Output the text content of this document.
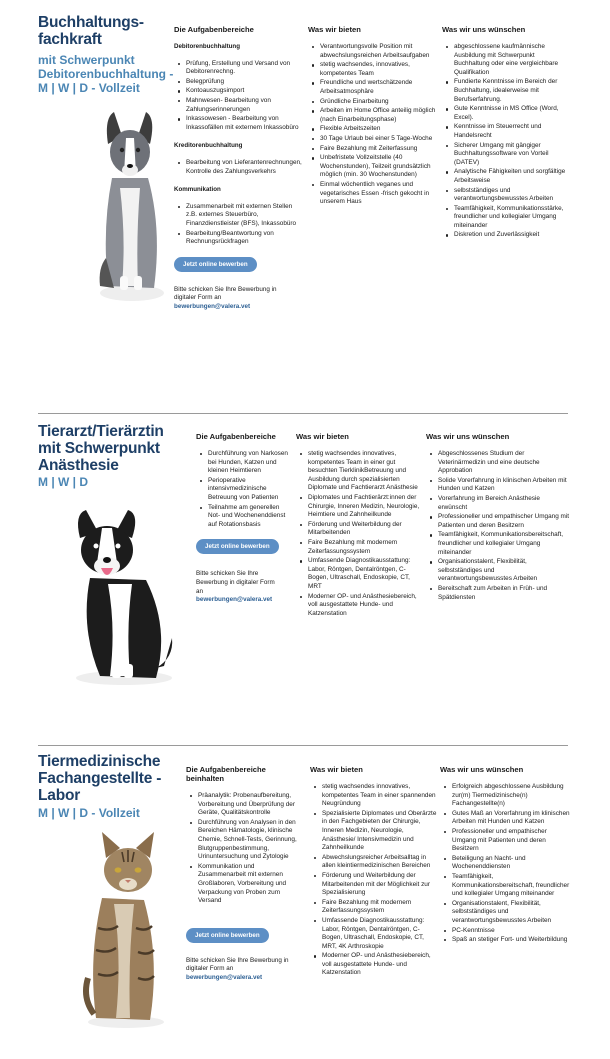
Buchhaltungs-
fachkraft
mit Schwerpunkt
Debitorenbuchhaltung -
M | W | D - Vollzeit
Die Aufgabenbereiche
Debitorenbuchhaltung
Prüfung, Erstellung und Versand von Debitorenrechng.
Belegprüfung
Kontoauszugsimport
Mahnwesen- Bearbeitung von Zahlungserinnerungen
Inkassowesen - Bearbeitung von Inkassofällen mit externem Inkassobüro
Kreditorenbuchhaltung
Bearbeitung von Lieferantenrechnungen, Kontrolle des Zahlungsverkehrs
Kommunikation
Zusammenarbeit mit externen Stellen z.B. externes Steuerbüro, Finanzdienstleister (BFS), Inkassobüro
Bearbeitung/Beantwortung von Rechnungsrückfragen
Jetzt online bewerben
Bitte schicken Sie Ihre Bewerbung in digitaler Form an
bewerbungen@valera.vet
Was wir bieten
Verantwortungsvolle Position mit abwechslungsreichen Arbeitsaufgaben
stetig wachsendes, innovatives, kompetentes Team
Freundliche und wertschätzende Arbeitsatmosphäre
Gründliche Einarbeitung
Arbeiten im Home Office anteilig möglich (nach Einarbeitungsphase)
Flexible Arbeitszeiten
30 Tage Urlaub bei einer 5 Tage-Woche
Faire Bezahlung mit Zeiterfassung
Unbefristete Vollzeitstelle (40 Wochenstunden), Teilzeit grundsätzlich möglich (min. 30 Wochenstunden)
Einmal wöchentlich veganes und vegetarisches Essen -frisch gekocht in unserem Haus
Was wir uns wünschen
abgeschlossene kaufmännische Ausbildung mit Schwerpunkt Buchhaltung oder eine vergleichbare Qualifikation
Fundierte Kenntnisse im Bereich der Buchhaltung, idealerweise mit Berufserfahrung.
Gute Kenntnisse in MS Office (Word, Excel).
Kenntnisse im Steuerrecht und Handelsrecht
Sicherer Umgang mit gängiger Buchhaltungssoftware von Vorteil (DATEV)
Analytische Fähigkeiten und sorgfältige Arbeitsweise
selbstständiges und verantwortungsbewusstes Arbeiten
Teamfähigkeit, Kommunikationsstärke, freundlicher und kollegialer Umgang miteinander
Diskretion und Zuverlässigkeit
Tierarzt/Tierärztin
mit Schwerpunkt
Anästhesie
M | W | D
Die Aufgabenbereiche
Durchführung von Narkosen bei Hunden, Katzen und kleinen Heimtieren
Perioperative intensivmedizinische Betreuung von Patienten
Teilnahme am generellen Not- und Wochenenddienst auf Rotationsbasis
Jetzt online bewerben
Bitte schicken Sie Ihre Bewerbung in digitaler Form an
bewerbungen@valera.vet
Was wir bieten
stetig wachsendes innovatives, kompetentes Team in einer gut besuchten TierklinikBetreuung und Ausbildung durch spezialisierten Diplomate und Fachtierarzt Anästhesie
Diplomates und Fachtierärzt:innen der Chirurgie, Inneren Medizin, Neurologie, Heimtiere und Zahnheilkunde
Förderung und Weiterbildung der Mitarbeitenden
Faire Bezahlung mit modernem Zeiterfassungssystem
Umfassende Diagnostikausstattung: Labor, Röntgen, Dentalröntgen, C-Bogen, Ultraschall, Endoskopie, CT, MRT
Moderner OP- und Anästhesiebereich, voll ausgestattete Hunde- und Katzenstation
Was wir uns wünschen
Abgeschlossenes Studium der Veterinärmedizin und eine deutsche Approbation
Solide Vorerfahrung in klinischen Arbeiten mit Hunden und Katzen
Vorerfahrung im Bereich Anästhesie erwünscht
Professioneller und empathischer Umgang mit Patienten und deren Besitzern
Teamfähigkeit, Kommunikationsbereitschaft, freundlicher und kollegialer Umgang miteinander
Organisationstalent, Flexibilität, selbstständiges und verantwortungsbewusstes Arbeiten
Bereitschaft zum Arbeiten in Früh- und Spätdiensten
Tiermedizinische
Fachangestellte -
Labor
M | W | D - Vollzeit
Die Aufgabenbereiche beinhalten
Präanalytik: Probenaufbereitung, Vorbereitung und Überprüfung der Geräte, Qualitätskontrolle
Durchführung von Analysen in den Bereichen Hämatologie, klinische Chemie, Schnell-Tests, Gerinnung, Blutgruppenbestimmung, Urinuntersuchung und Zytologie
Kommunikation und Zusammenarbeit mit externen Großlaboren, Vorbereitung und Verpackung von Proben zum Versand
Jetzt online bewerben
Bitte schicken Sie Ihre Bewerbung in digitaler Form an
bewerbungen@valera.vet
Was wir bieten
stetig wachsendes innovatives, kompetentes Team in einer spannenden Neugründung
Spezialisierte Diplomates und Oberärzte in den Fachgebieten der Chirurgie, Inneren Medizin, Neurologie, Anästhesie/ Intensivmedizin und Zahnheilkunde
Abwechslungsreicher Arbeitsalltag in allen kleintiermedizinischen Bereichen
Förderung und Weiterbildung der Mitarbeitenden mit der Möglichkeit zur Spezialisierung
Faire Bezahlung mit modernem Zeiterfassungssystem
Umfassende Diagnostikausstattung: Labor, Röntgen, Dentalröntgen, C-Bogen, Ultraschall, Endoskopie, CT, MRT, 4K Arthroskopie
Moderner OP- und Anästhesiebereich, voll ausgestattete Hunde- und Katzenstation
Was wir uns wünschen
Erfolgreich abgeschlossene Ausbildung zur(m) Tiermedizinische(n) Fachangestellte(n)
Gutes Maß an Vorerfahrung im klinischen Arbeiten mit Hunden und Katzen
Professioneller und empathischer Umgang mit Patienten und deren Besitzern
Beteiligung an Nacht- und Wochenenddiensten
Teamfähigkeit, Kommunikationsbereitschaft, freundlicher und kollegialer Umgang miteinander
Organisationstalent, Flexibilität, selbstständiges und verantwortungsbewusstes Arbeiten
PC-Kenntnisse
Spaß an stetiger Fort- und Weiterbildung
